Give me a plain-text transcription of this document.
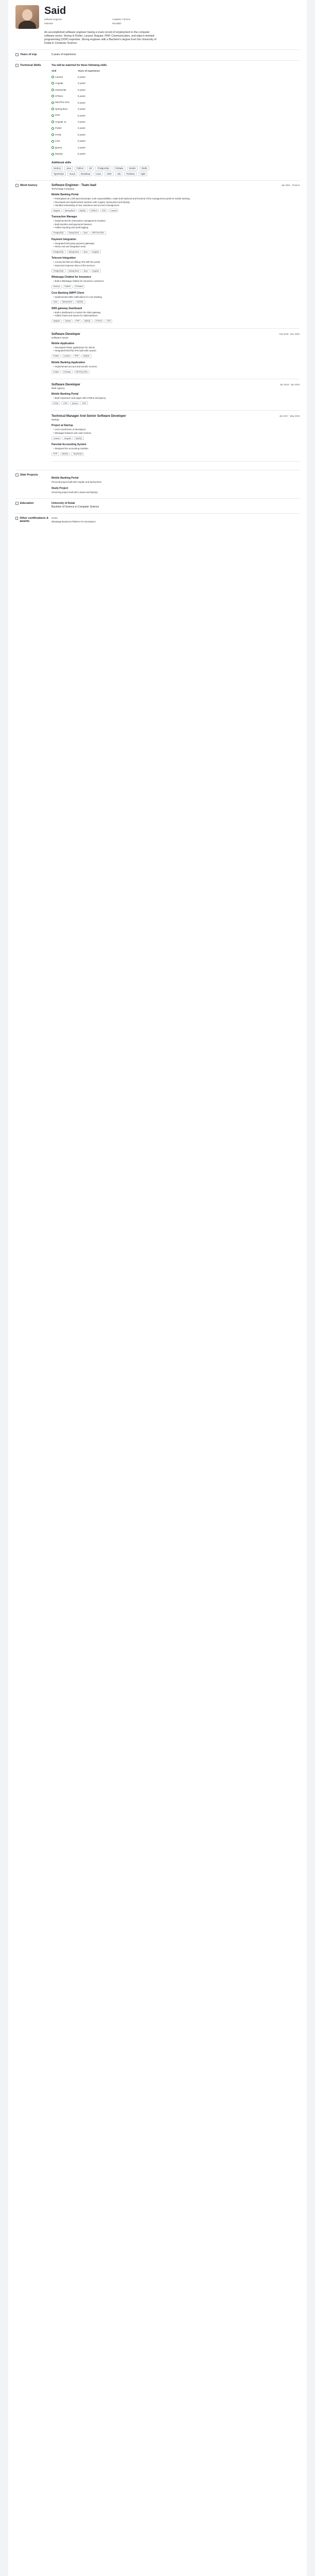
Said
Software Engineer	Available: Full time
Palestine	Ramallah
An accomplished software engineer having a track record of employment in the computer software sector. Strong in Flutter, Laravel, Angular, PHP, Communication, and object-oriented programming (OOP) expertise. Strong engineer with a Bachelor's degree from the University of Dubai in Computer Science.
Years of exp	5 years of experience
Technical Skills	You will be matched for these following skills
Skill	Years of experience
Laravel	5 years
Angular	3 years
JavaScript	5 years
HTML5	5 years
RESTful APIs	5 years
Spring Boot	3 years
PHP	5 years
Angular 11	3 years
Flutter	2 years
HTML	5 years
CSS	5 years
jQuery	4 years
MySQL	5 years
Additional skills
Node.js	Java	Python	Git	PostgreSQL	Firebase	Docker	Redis
TypeScript	Vue.js	Bootstrap	Linux	AWS	Jira	Postman	Agile
Work history	Software Engineer - Team lead	Jan 2021 - Present
Technology Company
Mobile Banking Portal
• Participated as a full-stack developer, took responsibilities, made both backend and frontend of the management portal for mobile banking.
• Developed and implemented solutions with Angular, Spring Boot and MySQL.
• Handled onboarding of new customers and account management.
Angular	Spring Boot	MySQL	HTML5	CSS	Laravel
Transaction Manager
• Implemented the transaction management modules.
• Built transfers and payments features.
• Added reporting and audit logging.
PostgreSQL	Spring Boot	Java	RESTful APIs
Payment Integration
• Integrated third party payment gateways.
• Wrote unit and integration tests.
PostgreSQL	Spring Boot	Java	Angular
Telecom Integration
• Connected telecom billing APIs with the portal.
• Improved response times of the services.
PostgreSQL	Spring Boot	Java	Angular
Whatsapp Chatbot for Insurance
• Built a Whatsapp chatbot for insurance customers.
Node.js	Python	Firebase
Core Banking SMPP Client
• Implemented SMS notifications for core banking.
Java	Spring Boot	MySQL
SMS gateway Dashboard
• Built a dashboard to monitor the SMS gateway.
• Added charts and reports for administrators.
Angular	Laravel	PHP	MySQL	HTML5	CSS
Software Developer	Feb 2019 - Dec 2020
Software House
Mobile Application
• Developed Flutter applications for clients.
• Integrated RESTful APIs built with Laravel.
Flutter	Laravel	PHP	MySQL
Mobile Banking Application
• Implemented account and transfer screens.
Flutter	Firebase	RESTful APIs
Software Developer	Jun 2018 - Jan 2019
Web Agency
Mobile Banking Portal
• Built responsive web pages with HTML5 and jQuery.
HTML	CSS	jQuery	PHP
Technical Manager And Senior Software Developer	Jan 2017 - May 2018
Startup
Project at Startup
• Led a small team of developers.
• Managed releases and code reviews.
Laravel	Angular	MySQL
Parental Accounting System
• Designed the accounting modules.
PHP	MySQL	JavaScript
Side Projects
Mobile Banking Portal
Personal project built with Angular and Spring Boot.
Study Project
University project built with Laravel and MySQL.
Education	University of Dubai
Bachelor of Science in Computer Science
Other certifications & awards
CCNA
Whatsapp Business Platform For Developers
